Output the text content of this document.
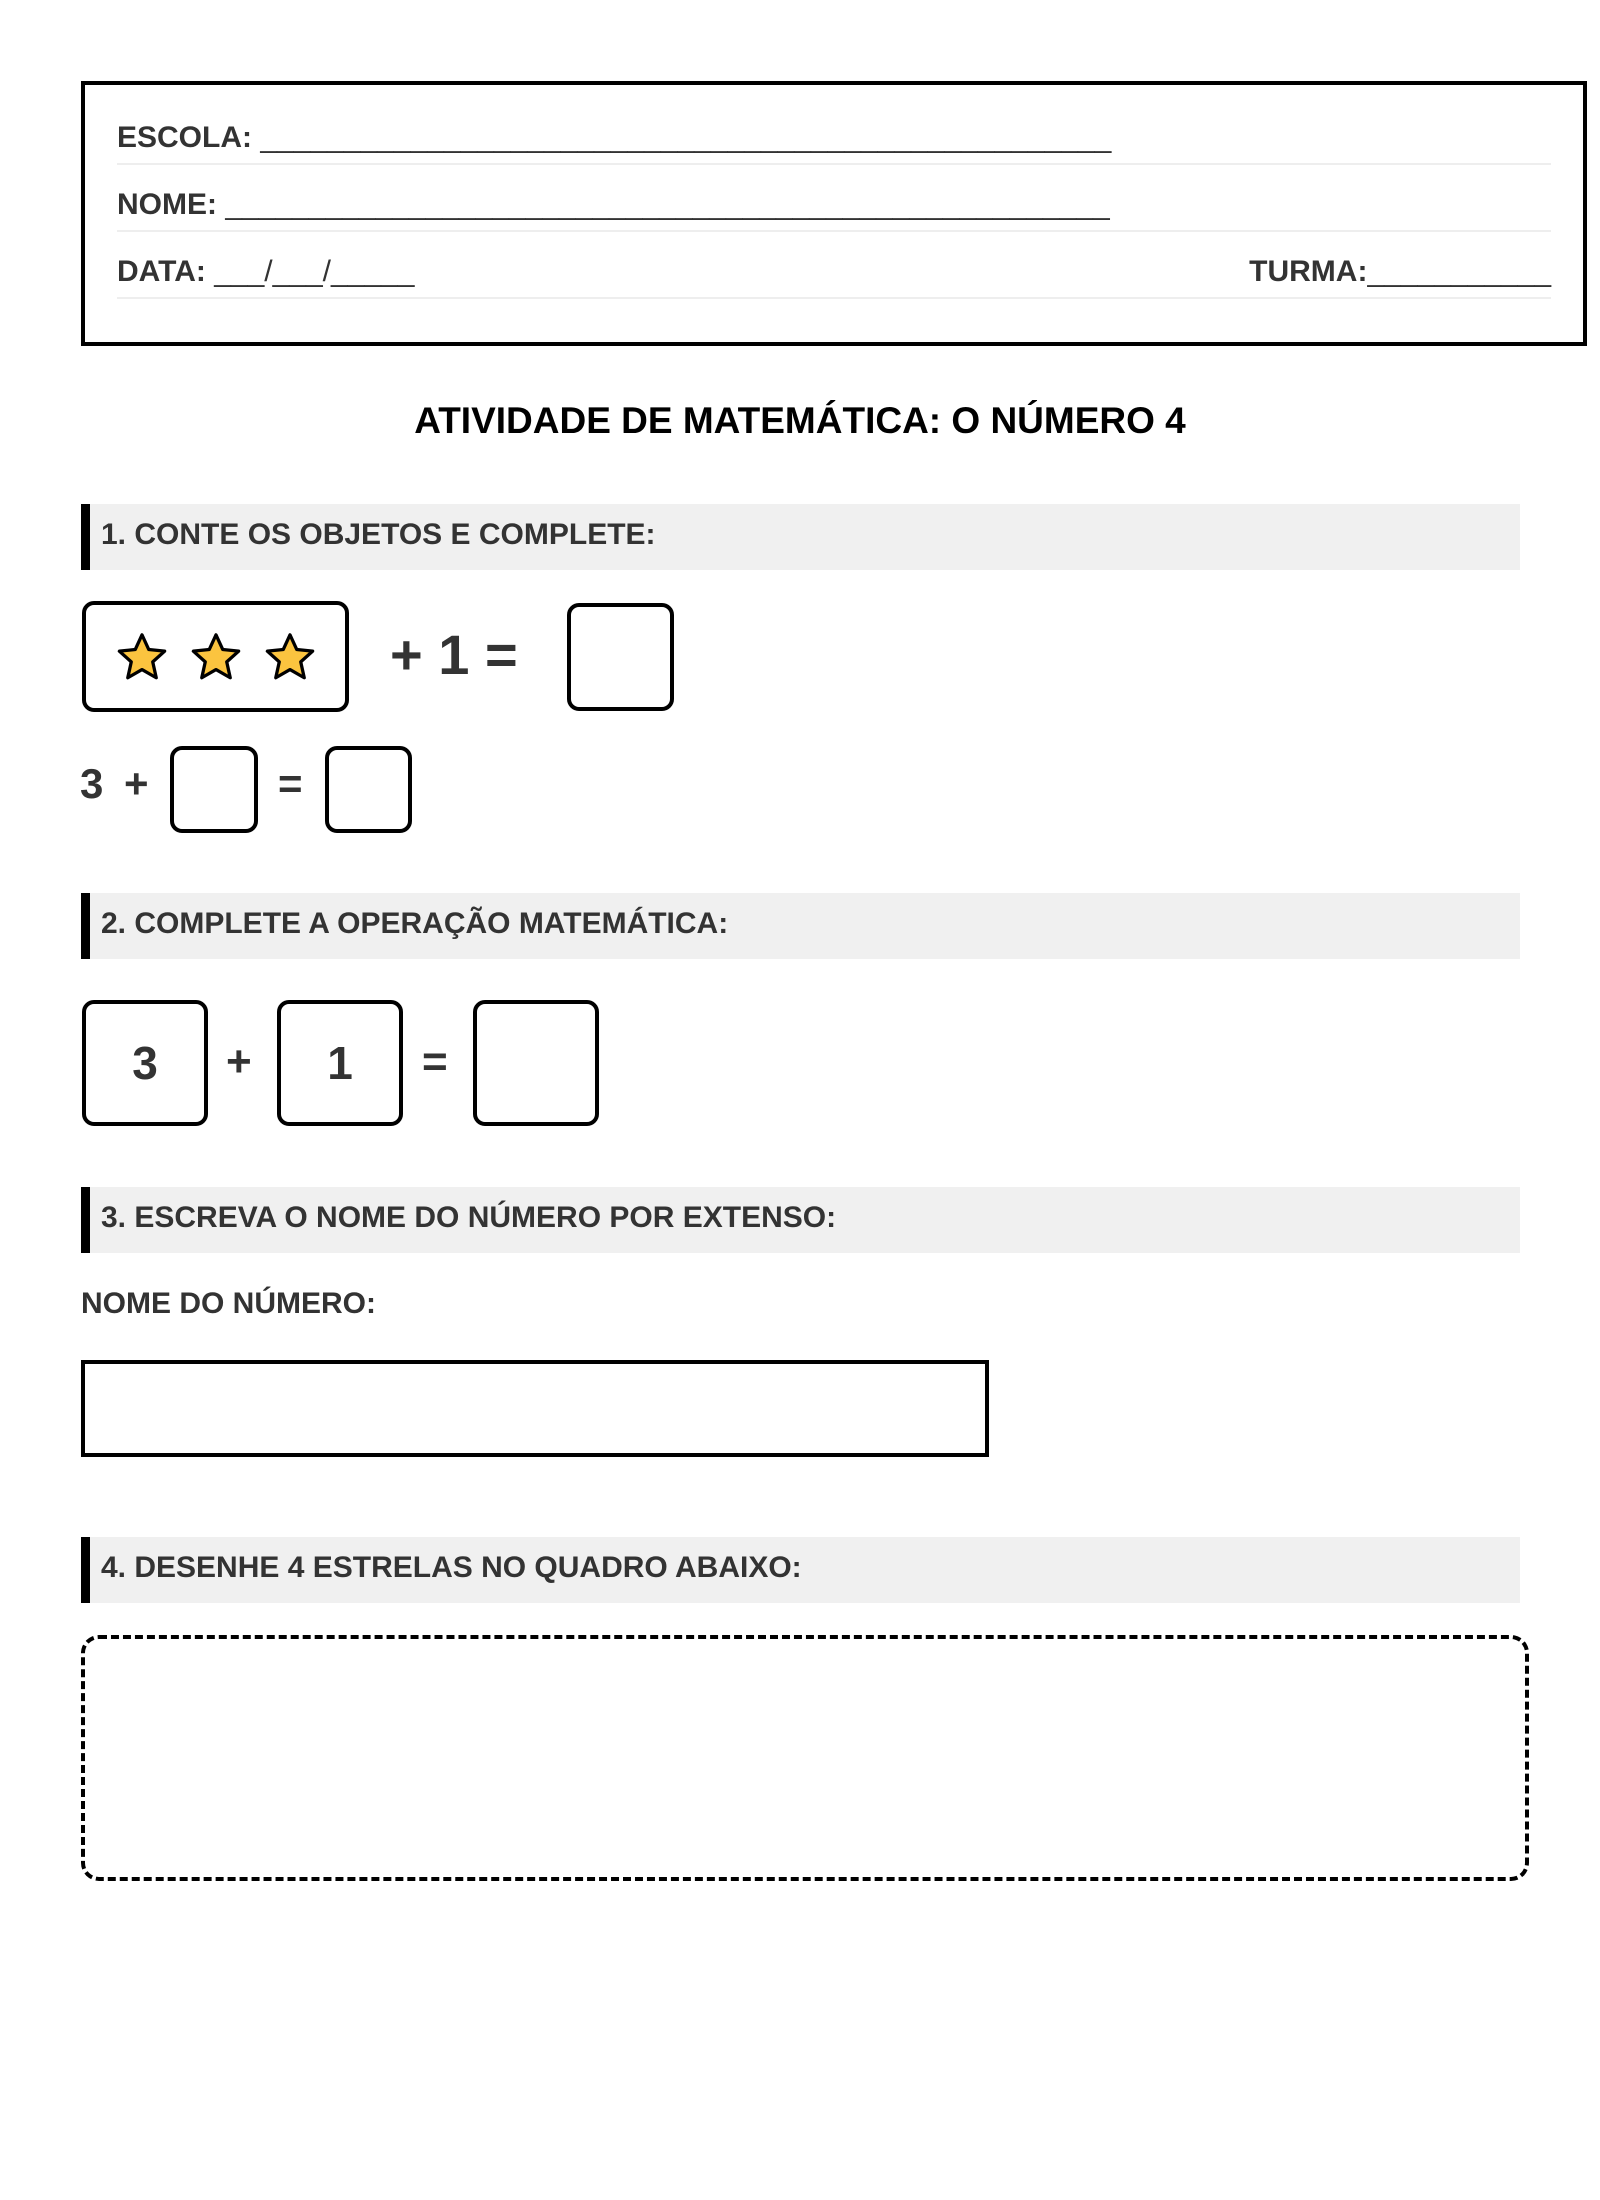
ESCOLA: ___________________________________________________
NOME: _____________________________________________________
DATA: ___/___/_____	TURMA:___________
ATIVIDADE DE MATEMÁTICA: O NÚMERO 4
1. CONTE OS OBJETOS E COMPLETE:
+ 1 =
3 +	=
2. COMPLETE A OPERAÇÃO MATEMÁTICA:
3	+	1	=
3. ESCREVA O NOME DO NÚMERO POR EXTENSO:
NOME DO NÚMERO:
4. DESENHE 4 ESTRELAS NO QUADRO ABAIXO:
